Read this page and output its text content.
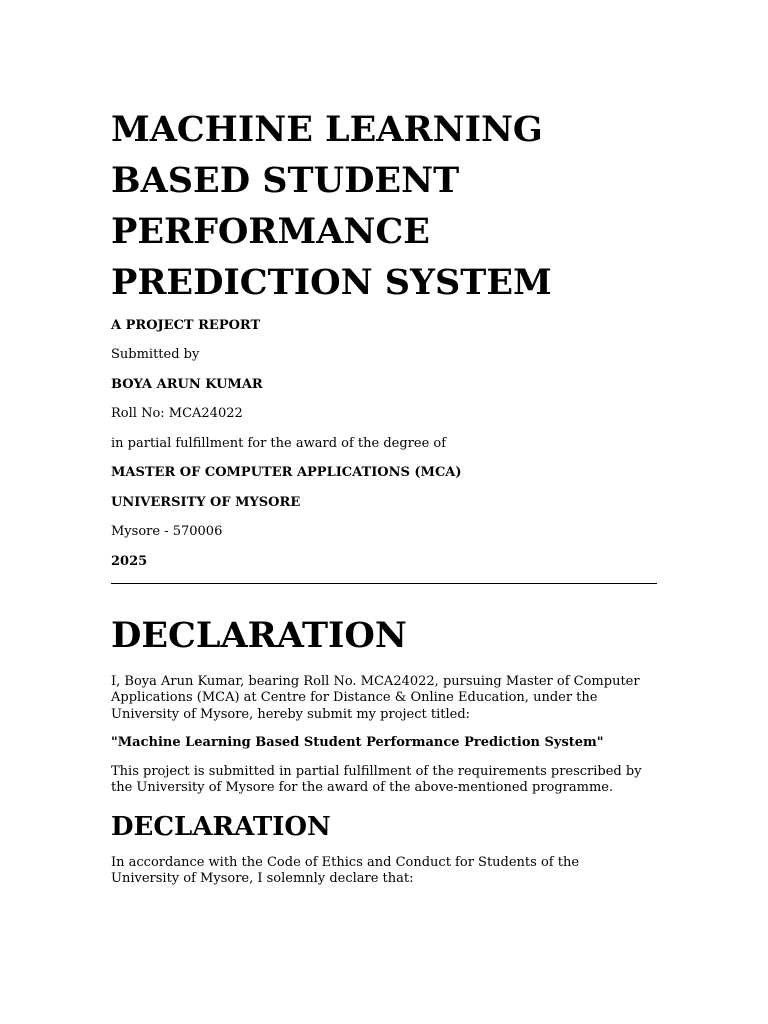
MACHINE LEARNING
BASED STUDENT
PERFORMANCE
PREDICTION SYSTEM

A PROJECT REPORT

Submitted by

BOYA ARUN KUMAR

Roll No: MCA24022

in partial fulfillment for the award of the degree of

MASTER OF COMPUTER APPLICATIONS (MCA)

UNIVERSITY OF MYSORE

Mysore - 570006

2025

DECLARATION

I, Boya Arun Kumar, bearing Roll No. MCA24022, pursuing Master of Computer
Applications (MCA) at Centre for Distance & Online Education, under the
University of Mysore, hereby submit my project titled:

"Machine Learning Based Student Performance Prediction System"

This project is submitted in partial fulfillment of the requirements prescribed by
the University of Mysore for the award of the above-mentioned programme.

DECLARATION

In accordance with the Code of Ethics and Conduct for Students of the
University of Mysore, I solemnly declare that:
